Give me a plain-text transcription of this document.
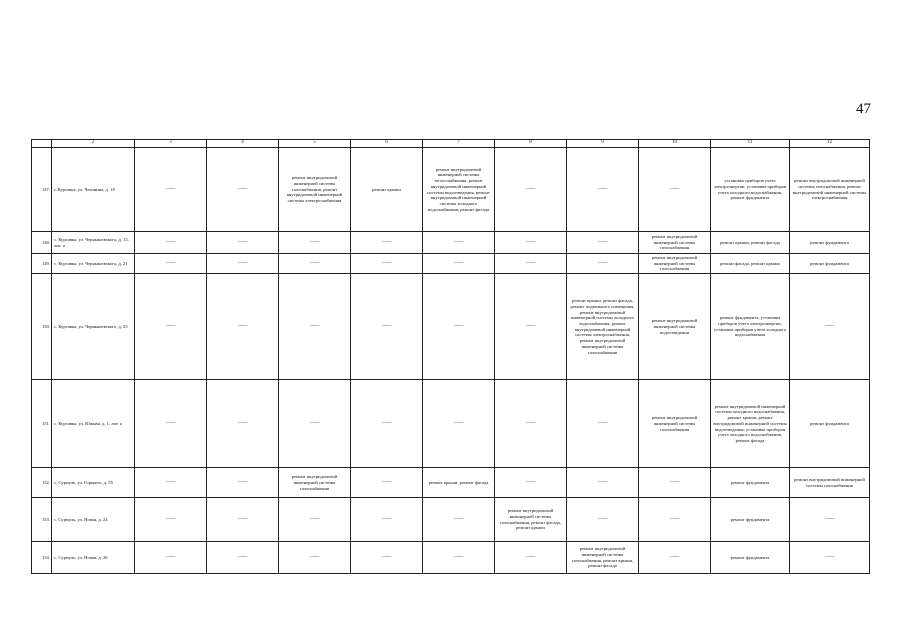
47
	2	3	4	5	6	7	8	9	10	11	12
147.	г. Курсавка, ул. Чехонина, д. 18	——	——	ремонт внутридомовой инженерной системы газоснабжения, ремонт внутридомовой инженерной системы электроснабжения	ремонт крыши	ремонт внутридомовой инженерной системы теплоснабжения, ремонт внутридомовой инженерной системы водоотведения, ремонт внутридомовой инженерной системы холодного водоснабжения, ремонт фасада	——	——	——	установка приборов учета электроэнергии, установка приборов учета холодного водоснабжения, ремонт фундамента	ремонт внутридомовой инженерной системы газоснабжения, ремонт внутридомовой инженерной системы электроснабжения
148.	с. Курсавка, ул. Чернышевского, д. 15, лит. а	——	——	——	——	——	——	——	ремонт внутридомовой инженерной системы газоснабжения	ремонт крыши, ремонт фасада	ремонт фундамента
149.	с. Курсавка, ул. Чернышевского, д. 21	——	——	——	——	——	——	——	ремонт внутридомовой инженерной системы газоснабжения	ремонт фасада, ремонт крыши	ремонт фундамента
150.	с. Курсавка, ул. Чернышевского, д. 25	——	——	——	——	——	——	ремонт крыши, ремонт фасада, ремонт подвального помещения, ремонт внутридомовой инженерной системы холодного водоснабжения, ремонт внутридомовой инженерной системы электроснабжения, ремонт внутридомовой инженерной системы газоснабжения	ремонт внутридомовой инженерной системы водоотведения	ремонт фундамента, установка приборов учета электроэнергии, установка приборов учета холодного водоснабжения	——
151.	с. Курсавка, ул. Южная, д. 1, лит. а	——	——	——	——	——	——	——	ремонт внутридомовой инженерной системы газоснабжения	ремонт внутридомовой инженерной системы холодного водоснабжения, ремонт крыши, ремонт внутридомовой инженерной системы водоотведения, установка приборов учета холодного водоснабжения, ремонт фасада	ремонт фундамента
152.	с. Сурмуль, ул. Горького, д. 55	——	——	ремонт внутридомовой инженерной системы газоснабжения	——	ремонт крыши, ремонт фасада	——	——	——	ремонт фундамента	ремонт внутридомовой инженерной системы газоснабжения
153.	с. Сурмуль, ул. Новая, д. 24	——	——	——	——	——	ремонт внутридомовой инженерной системы газоснабжения, ремонт фасада, ремонт крыши	——	——	ремонт фундамента	——
154.	с. Сурмуль, ул. Новая, д. 26	——	——	——	——	——	——	ремонт внутридомовой инженерной системы газоснабжения, ремонт крыши, ремонт фасада	——	ремонт фундамента	——
